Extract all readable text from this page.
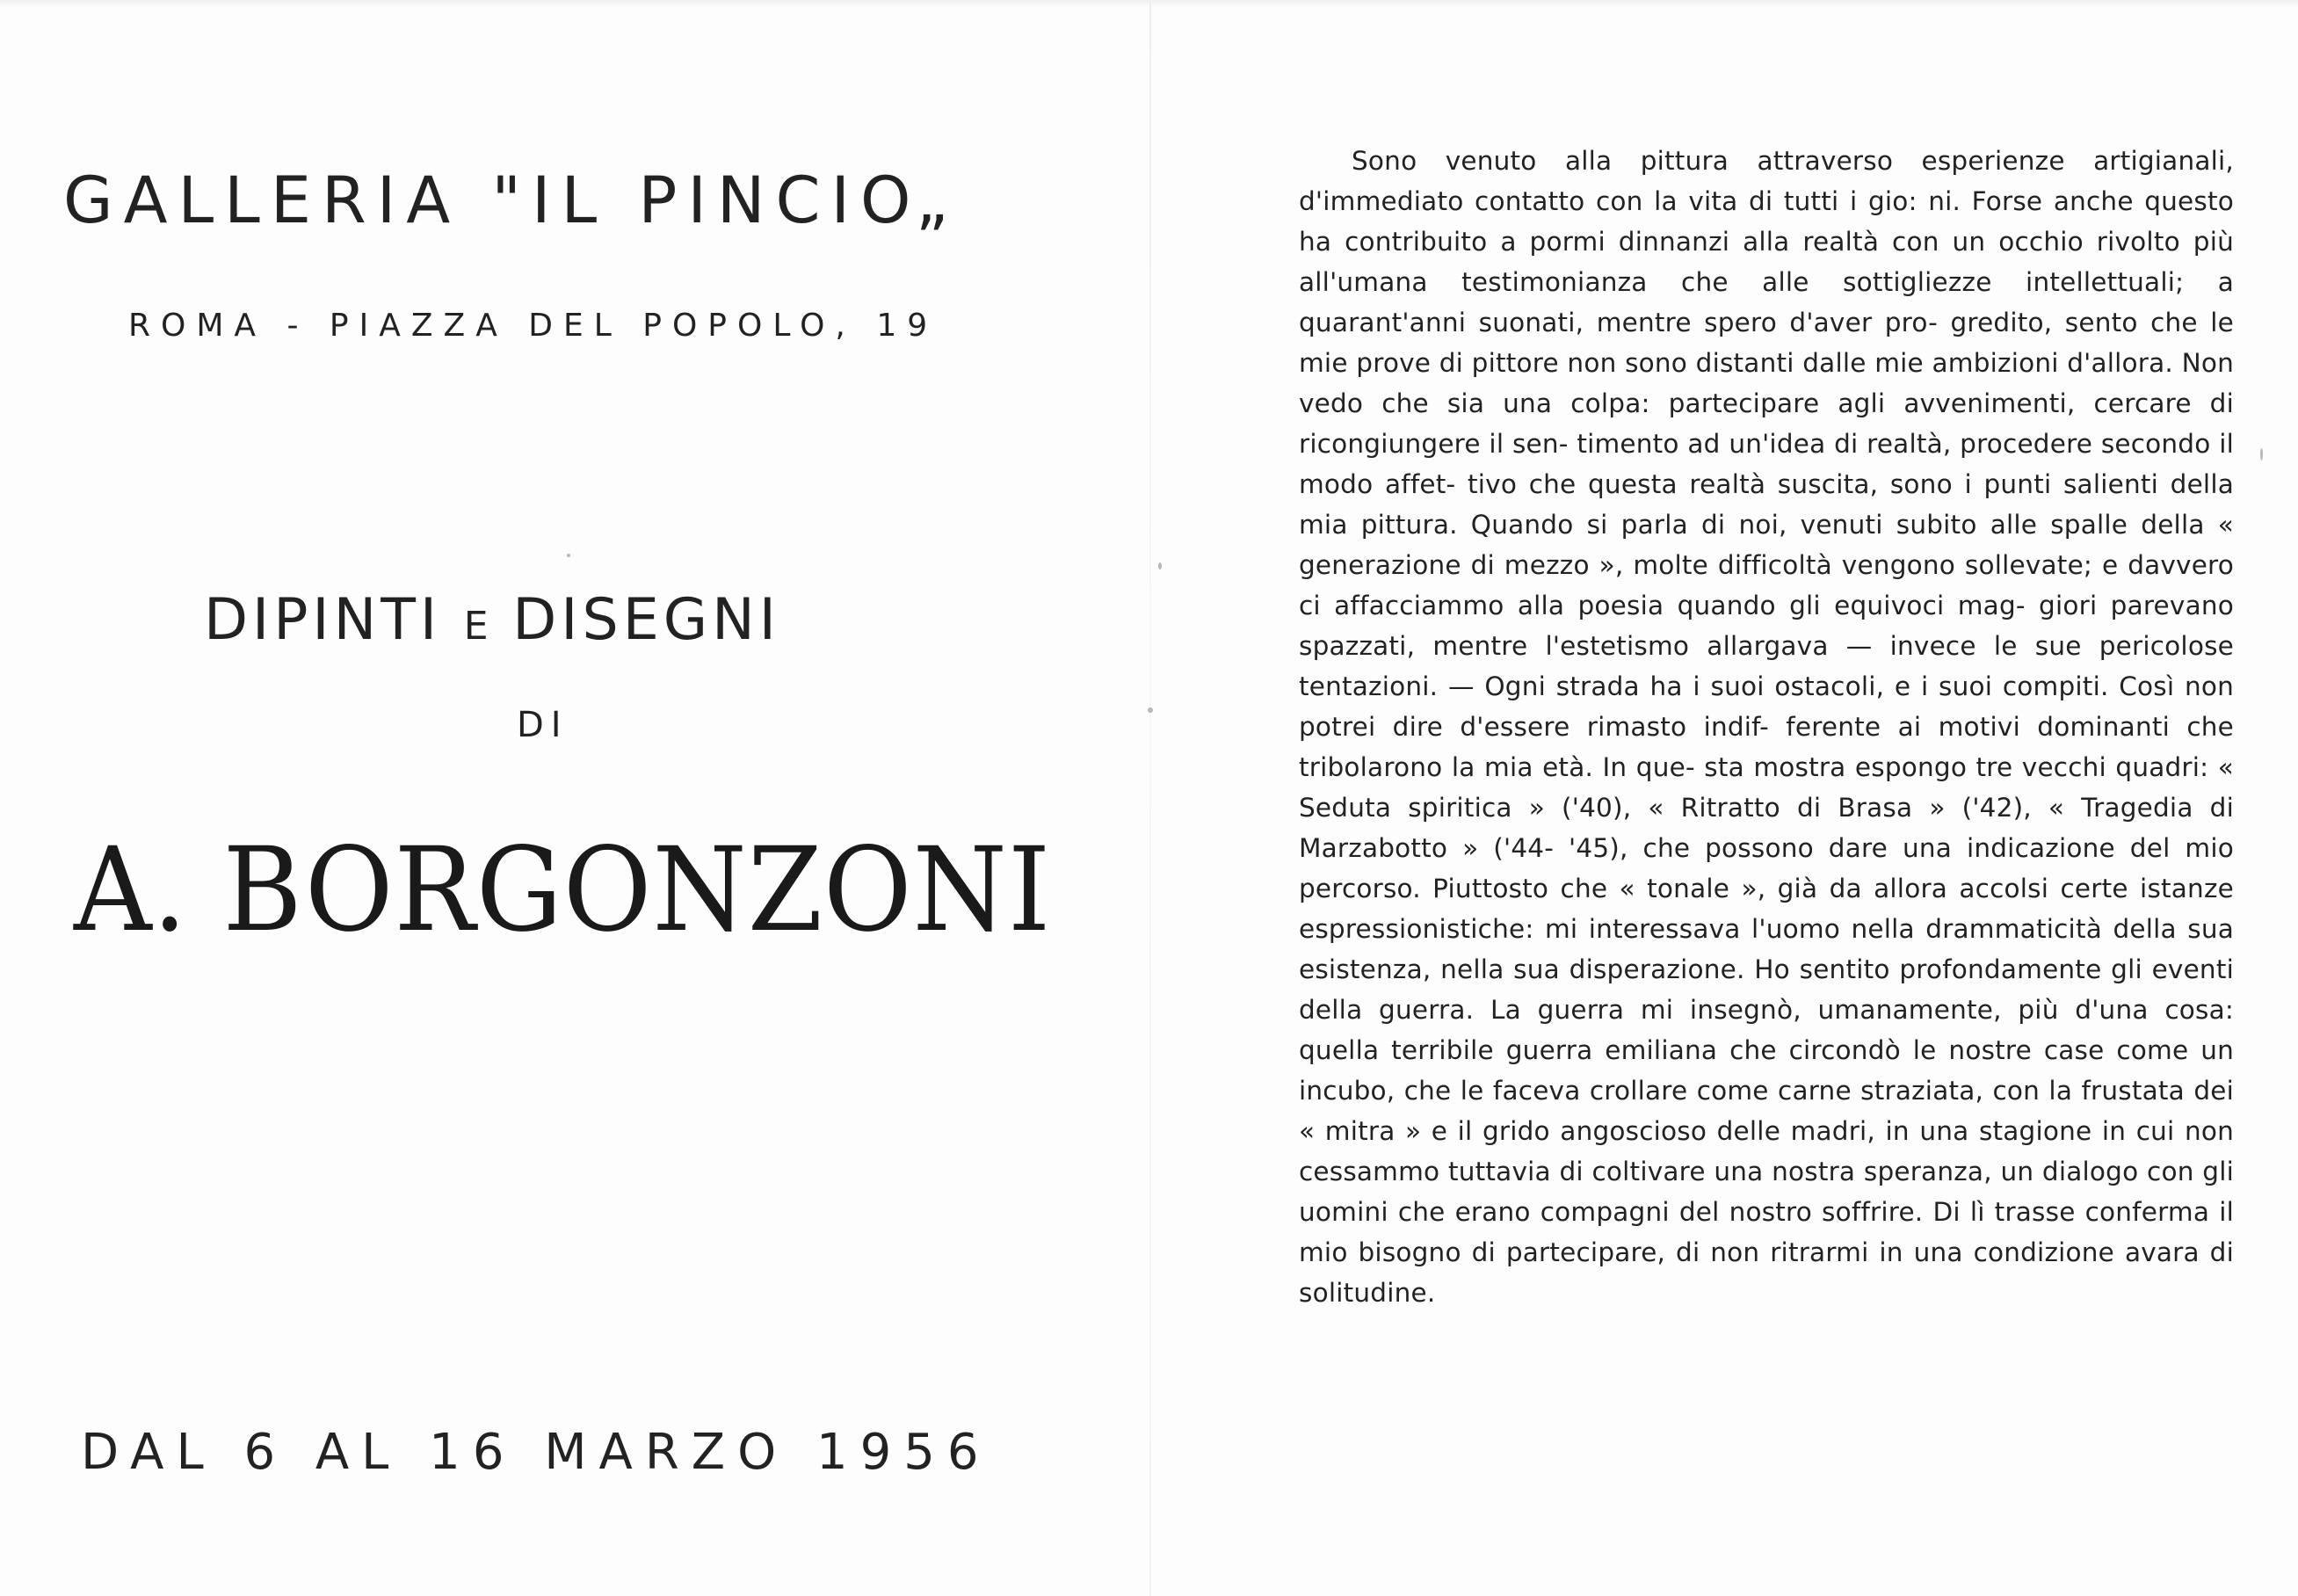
GALLERIA "IL PINCIO„
ROMA - PIAZZA DEL POPOLO, 19
DIPINTI E DISEGNI
DI
A. BORGONZONI
DAL 6 AL 16 MARZO 1956

Sono venuto alla pittura attraverso esperienze artigianali, d'immediato contatto con la vita di tutti i gio: ni. Forse anche questo ha contribuito a pormi dinnanzi alla realtà con un occhio rivolto più all'umana testimonianza che alle sottigliezze intellettuali; a quarant'anni suonati, mentre spero d'aver pro- gredito, sento che le mie prove di pittore non sono distanti dalle mie ambizioni d'allora. Non vedo che sia una colpa: partecipare agli avvenimenti, cercare di ricongiungere il sen- timento ad un'idea di realtà, procedere secondo il modo affet- tivo che questa realtà suscita, sono i punti salienti della mia pittura. Quando si parla di noi, venuti subito alle spalle della « generazione di mezzo », molte difficoltà vengono sollevate; e davvero ci affacciammo alla poesia quando gli equivoci mag- giori parevano spazzati, mentre l'estetismo allargava — invece le sue pericolose tentazioni. — Ogni strada ha i suoi ostacoli, e i suoi compiti. Così non potrei dire d'essere rimasto indif- ferente ai motivi dominanti che tribolarono la mia età. In que- sta mostra espongo tre vecchi quadri: « Seduta spiritica » ('40), « Ritratto di Brasa » ('42), « Tragedia di Marzabotto » ('44- '45), che possono dare una indicazione del mio percorso. Piuttosto che « tonale », già da allora accolsi certe istanze espressionistiche: mi interessava l'uomo nella drammaticità della sua esistenza, nella sua disperazione. Ho sentito profondamente gli eventi della guerra. La guerra mi insegnò, umanamente, più d'una cosa: quella terribile guerra emiliana che circondò le nostre case come un incubo, che le faceva crollare come carne straziata, con la frustata dei « mitra » e il grido angoscioso delle madri, in una stagione in cui non cessammo tuttavia di coltivare una nostra speranza, un dialogo con gli uomini che erano compagni del nostro soffrire. Di lì trasse conferma il mio bisogno di partecipare, di non ritrarmi in una condizione avara di solitudine.
